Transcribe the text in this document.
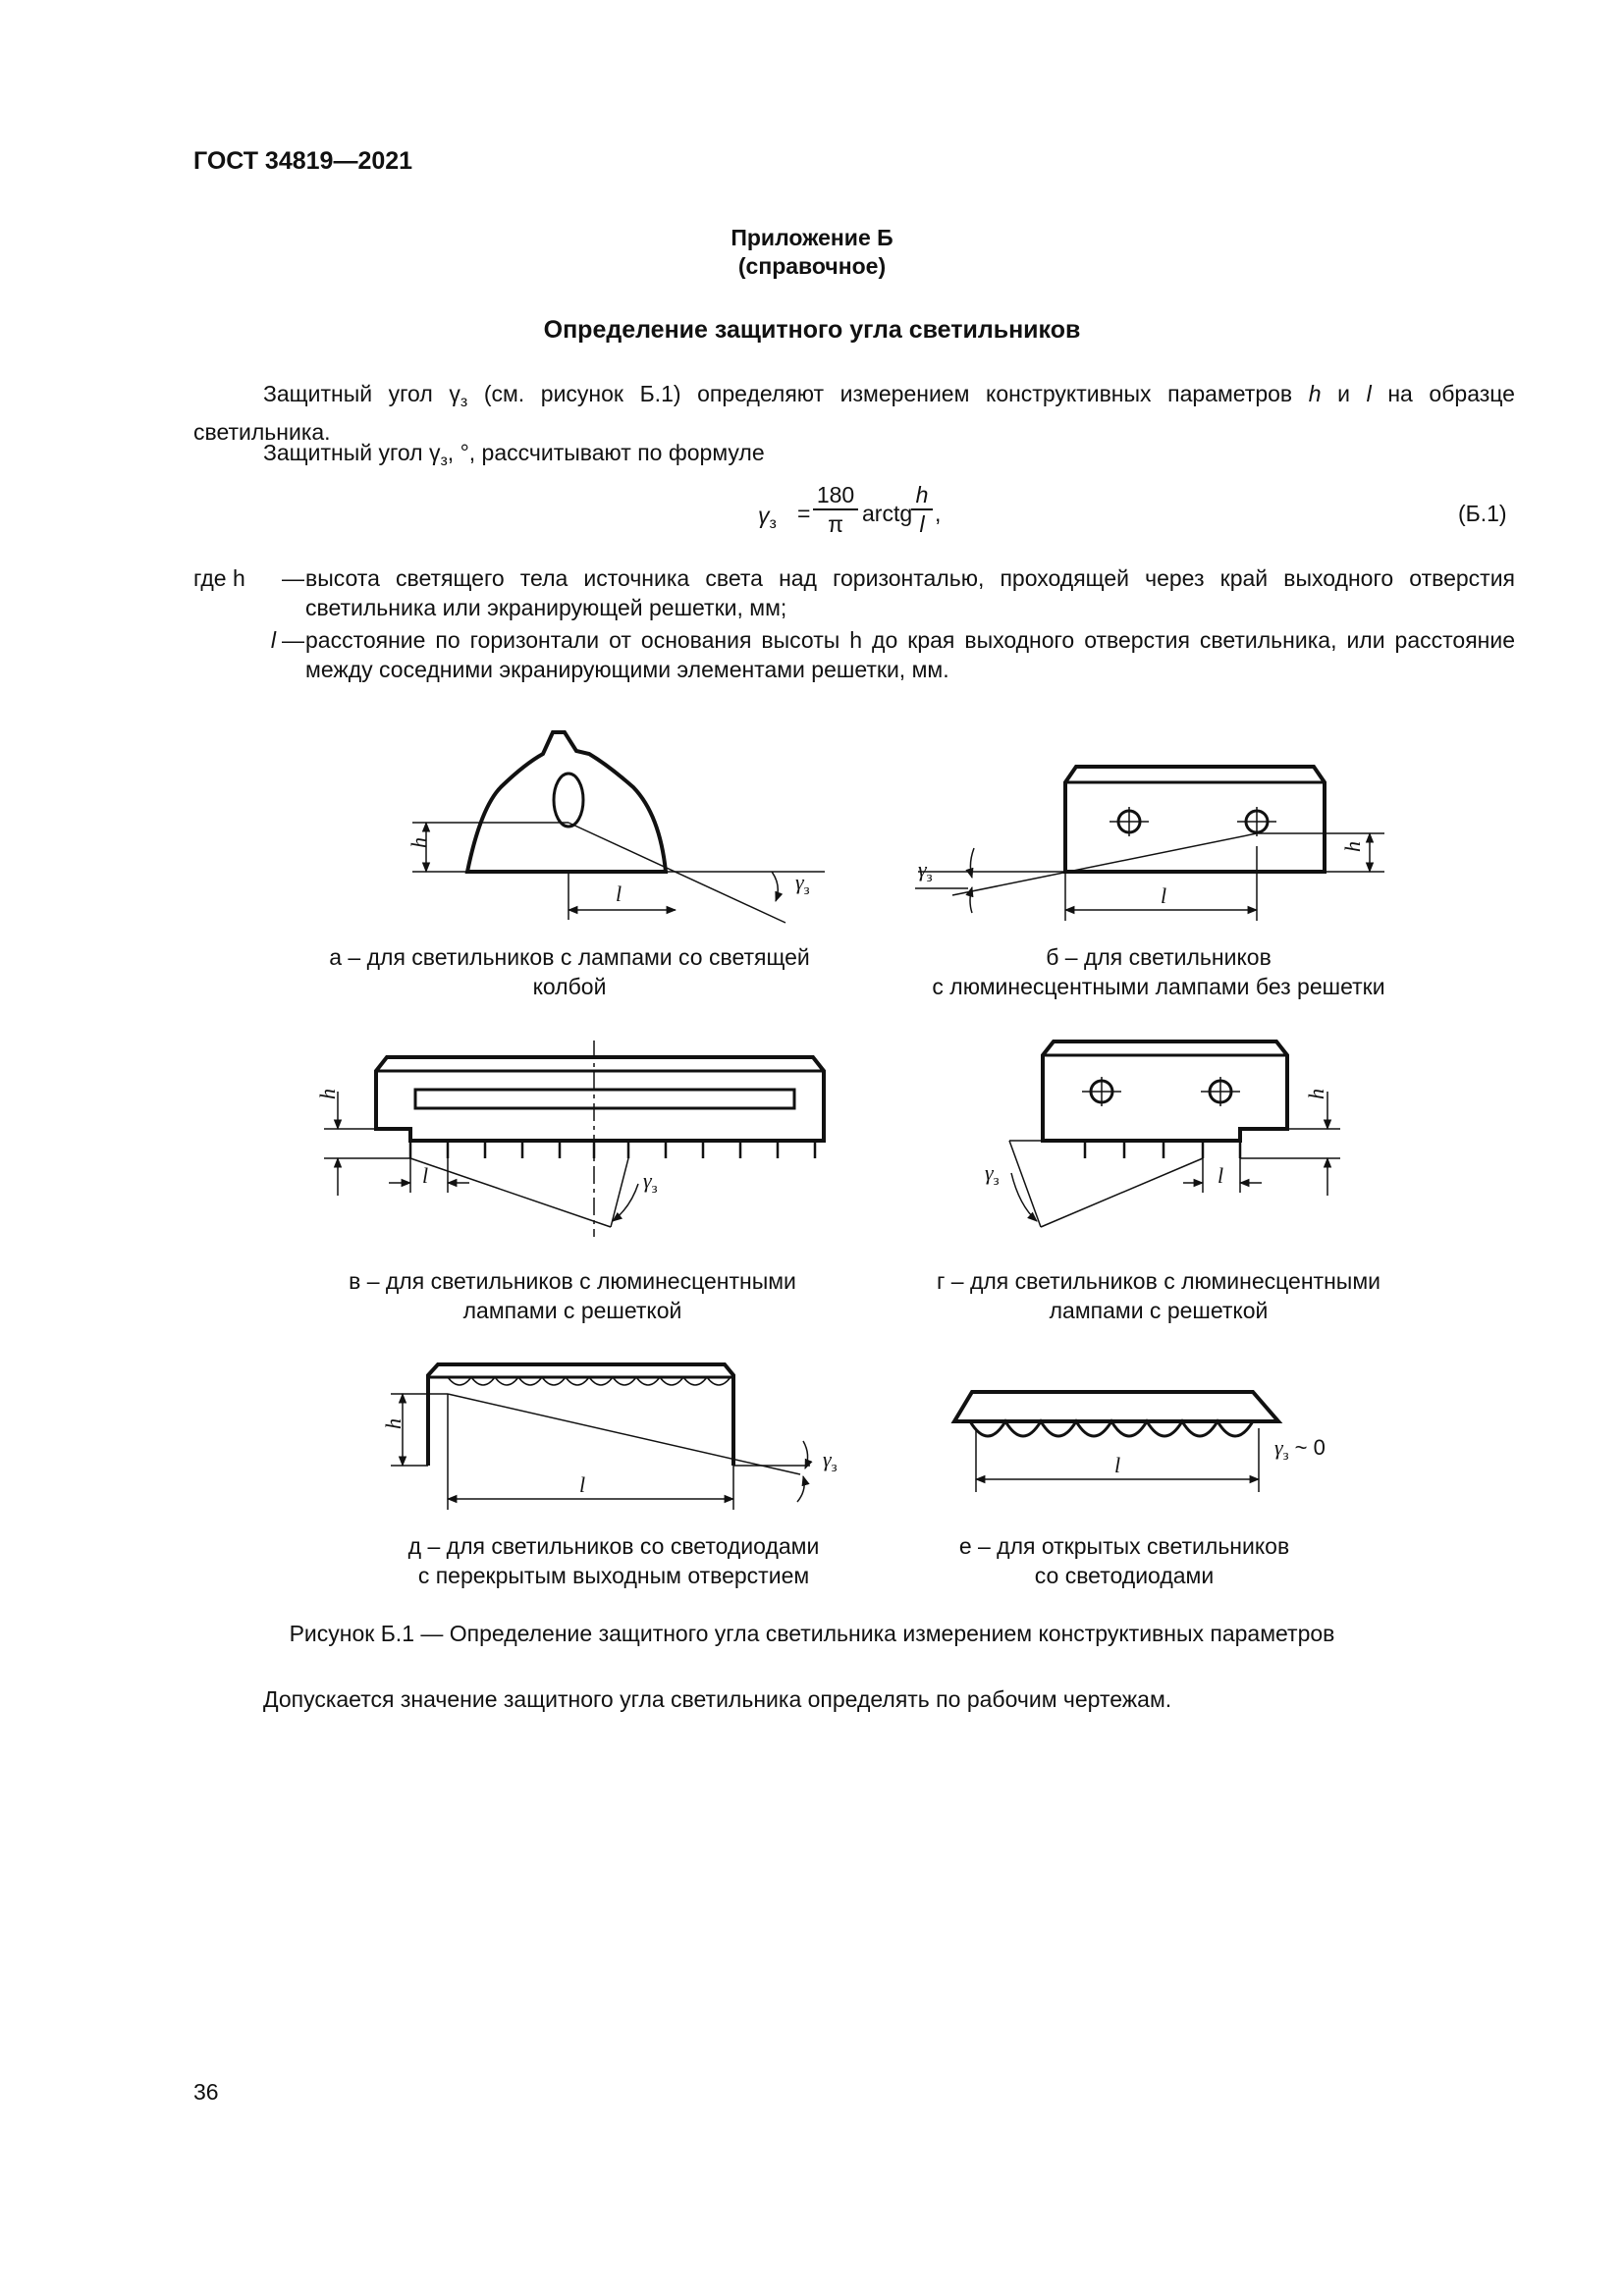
ГОСТ 34819—2021
Приложение Б
(справочное)
Определение защитного угла светильников
Защитный угол $\gamma_з$ (см. рисунок Б.1) определяют измерением конструктивных параметров h и l на образце светильника.
Защитный угол $\gamma_з$, °, рассчитывают по формуле
$\gamma_з = \frac{180}{\pi}$ arctg
$\frac{h}{l}$ ,	(Б.1)
где h	— высота светящего тела источника света над горизонталью, проходящей через край выходного отверстия светильника или экранирующей решетки, мм;
l — расстояние по горизонтали от основания высоты h до края выходного отверстия светильника, или расстояние между соседними экранирующими элементами решетки, мм.
h
l	$\gamma_з$
$\gamma_з$
h
l
h
l	$\gamma_з$
h
l
$\gamma_з$
h
l
$\gamma_з$	l
$\gamma_з$ ~ 0
а – для светильников с лампами со светящей
колбой
б – для светильников
с люминесцентными лампами без решетки
в – для светильников с люминесцентными
лампами с решеткой
г – для светильников с люминесцентными
лампами с решеткой
д – для светильников со светодиодами
с перекрытым выходным отверстием
е – для открытых светильников
со светодиодами
Рисунок Б.1 — Определение защитного угла светильника измерением конструктивных параметров
Допускается значение защитного угла светильника определять по рабочим чертежам.
36
